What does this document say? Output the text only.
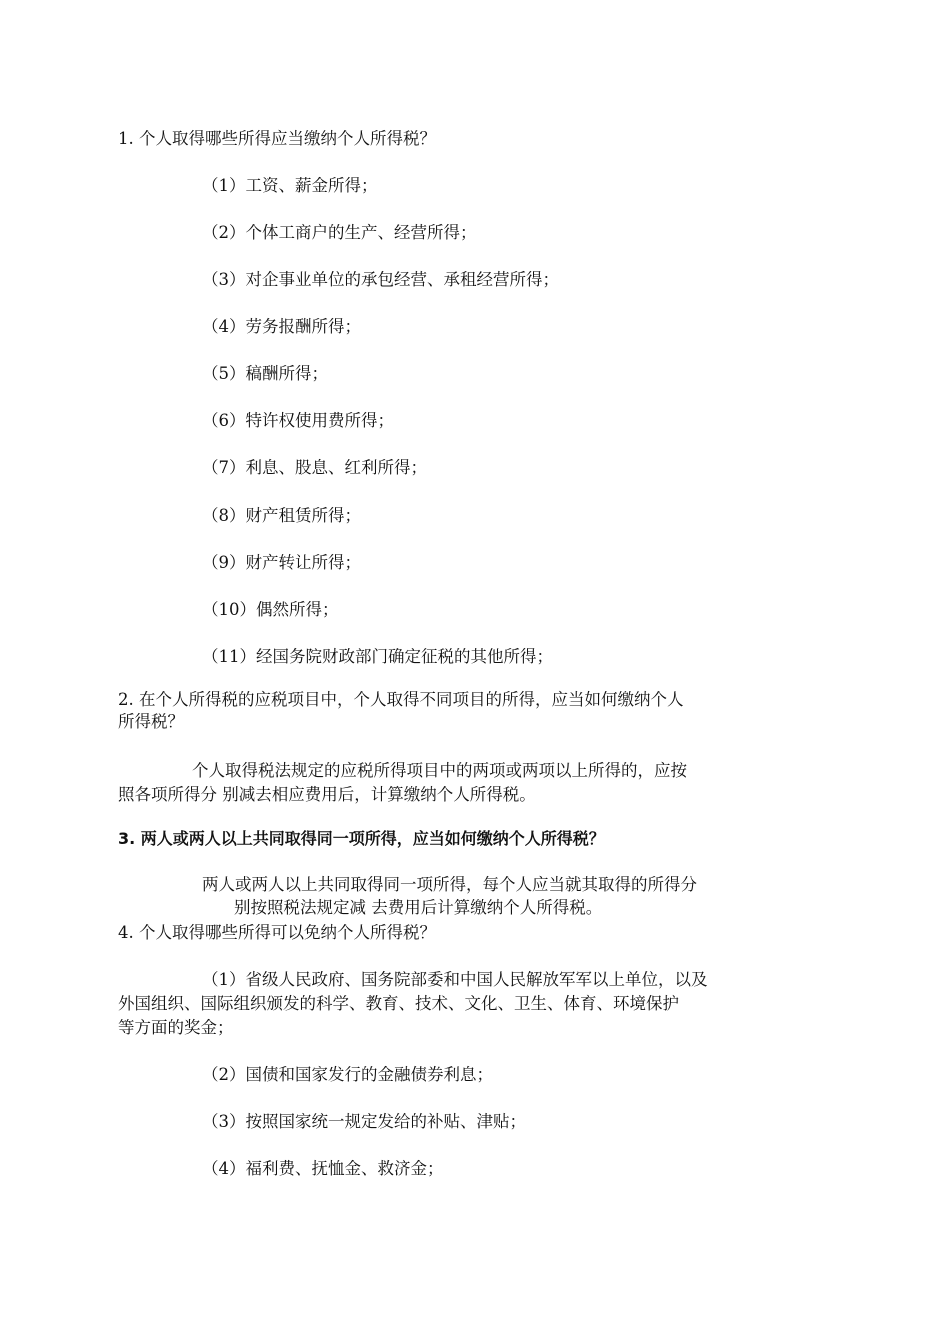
1. 个人取得哪些所得应当缴纳个人所得税？
（1）工资、薪金所得；
（2）个体工商户的生产、经营所得；
（3）对企事业单位的承包经营、承租经营所得；
（4）劳务报酬所得；
（5）稿酬所得；
（6）特许权使用费所得；
（7）利息、股息、红利所得；
（8）财产租赁所得；
（9）财产转让所得；
（10）偶然所得；
（11）经国务院财政部门确定征税的其他所得；
2. 在个人所得税的应税项目中，个人取得不同项目的所得，应当如何缴纳个人
所得税？
个人取得税法规定的应税所得项目中的两项或两项以上所得的，应按
照各项所得分 别减去相应费用后，计算缴纳个人所得税。
3. 两人或两人以上共同取得同一项所得，应当如何缴纳个人所得税？
两人或两人以上共同取得同一项所得，每个人应当就其取得的所得分
别按照税法规定减 去费用后计算缴纳个人所得税。
4. 个人取得哪些所得可以免纳个人所得税？
（1）省级人民政府、国务院部委和中国人民解放军军以上单位，以及
外国组织、国际组织颁发的科学、教育、技术、文化、卫生、体育、环境保护
等方面的奖金；
（2）国债和国家发行的金融债券利息；
（3）按照国家统一规定发给的补贴、津贴；
（4）福利费、抚恤金、救济金；
